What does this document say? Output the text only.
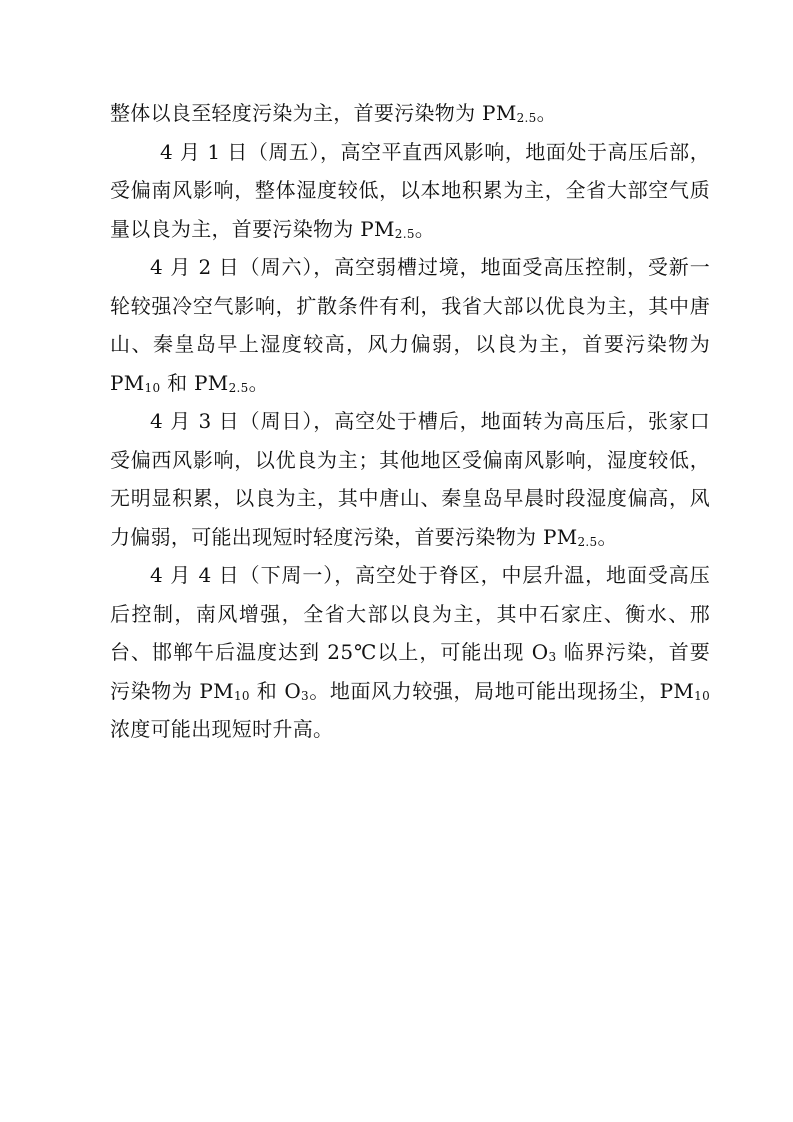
整体以良至轻度污染为主，首要污染物为 $PM_{2.5}$。

4 月 1 日（周五），高空平直西风影响，地面处于高压后部，受偏南风影响，整体湿度较低，以本地积累为主，全省大部空气质量以良为主，首要污染物为 $PM_{2.5}$。

4 月 2 日（周六），高空弱槽过境，地面受高压控制，受新一轮较强冷空气影响，扩散条件有利，我省大部以优良为主，其中唐山、秦皇岛早上湿度较高，风力偏弱，以良为主，首要污染物为 $PM_{10}$ 和 $PM_{2.5}$。

4 月 3 日（周日），高空处于槽后，地面转为高压后，张家口受偏西风影响，以优良为主；其他地区受偏南风影响，湿度较低，无明显积累，以良为主，其中唐山、秦皇岛早晨时段湿度偏高，风力偏弱，可能出现短时轻度污染，首要污染物为 $PM_{2.5}$。

4 月 4 日（下周一），高空处于脊区，中层升温，地面受高压后控制，南风增强，全省大部以良为主，其中石家庄、衡水、邢台、邯郸午后温度达到 25℃以上，可能出现 $O_3$ 临界污染，首要污染物为 $PM_{10}$ 和 $O_3$。地面风力较强，局地可能出现扬尘，$PM_{10}$ 浓度可能出现短时升高。
